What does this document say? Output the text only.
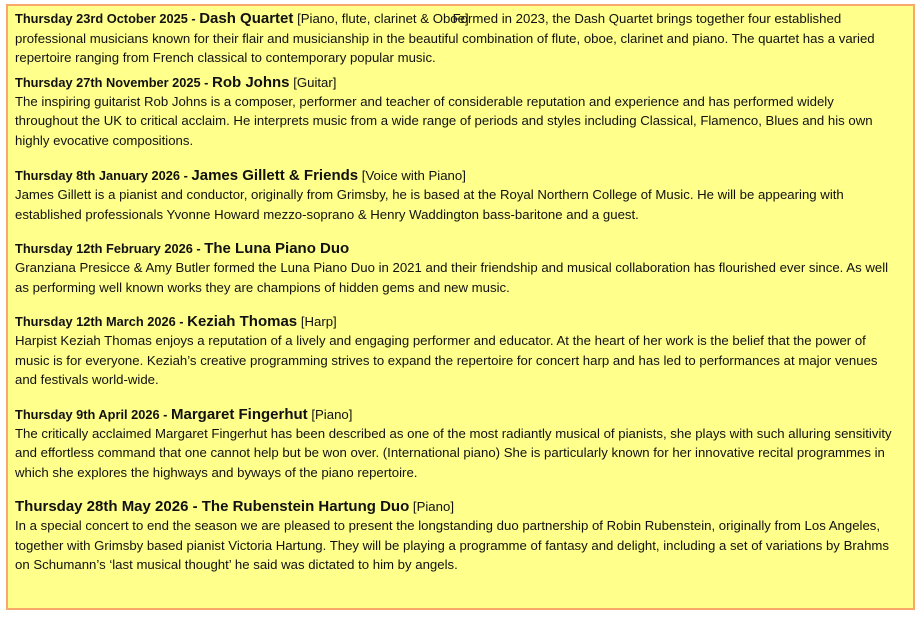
Thursday 23rd October 2025 - Dash Quartet [Piano, flute, clarinet & Oboe]

Formed in 2023, the Dash Quartet brings together four established professional musicians known for their flair and musicianship in the beautiful combination of flute, oboe, clarinet and piano. The quartet has a varied repertoire ranging from French classical to contemporary popular music.

Thursday 27th November 2025 - Rob Johns [Guitar]

The inspiring guitarist Rob Johns is a composer, performer and teacher of considerable reputation and experience and has performed widely throughout the UK to critical acclaim. He interprets music from a wide range of periods and styles including Classical, Flamenco, Blues and his own highly evocative compositions.

Thursday 8th January 2026 - James Gillett & Friends [Voice with Piano]

James Gillett is a pianist and conductor, originally from Grimsby, he is based at the Royal Northern College of Music. He will be appearing with established professionals Yvonne Howard mezzo-soprano & Henry Waddington bass-baritone and a guest.

Thursday 12th February 2026 - The Luna Piano Duo

Granziana Presicce & Amy Butler formed the Luna Piano Duo in 2021 and their friendship and musical collaboration has flourished ever since. As well as performing well known works they are champions of hidden gems and new music.

Thursday 12th March 2026 - Keziah Thomas [Harp]

Harpist Keziah Thomas enjoys a reputation of a lively and engaging performer and educator. At the heart of her work is the belief that the power of music is for everyone. Keziah’s creative programming strives to expand the repertoire for concert harp and has led to performances at major venues and festivals world-wide.

Thursday 9th April 2026 - Margaret Fingerhut [Piano]

The critically acclaimed Margaret Fingerhut has been described as one of the most radiantly musical of pianists, she plays with such alluring sensitivity and effortless command that one cannot help but be won over. (International piano) She is particularly known for her innovative recital programmes in which she explores the highways and byways of the piano repertoire.

Thursday 28th May 2026 - The Rubenstein Hartung Duo [Piano]

In a special concert to end the season we are pleased to present the longstanding duo partnership of Robin Rubenstein, originally from Los Angeles, together with Grimsby based pianist Victoria Hartung. They will be playing a programme of fantasy and delight, including a set of variations by Brahms on Schumann’s ‘last musical thought’ he said was dictated to him by angels.
